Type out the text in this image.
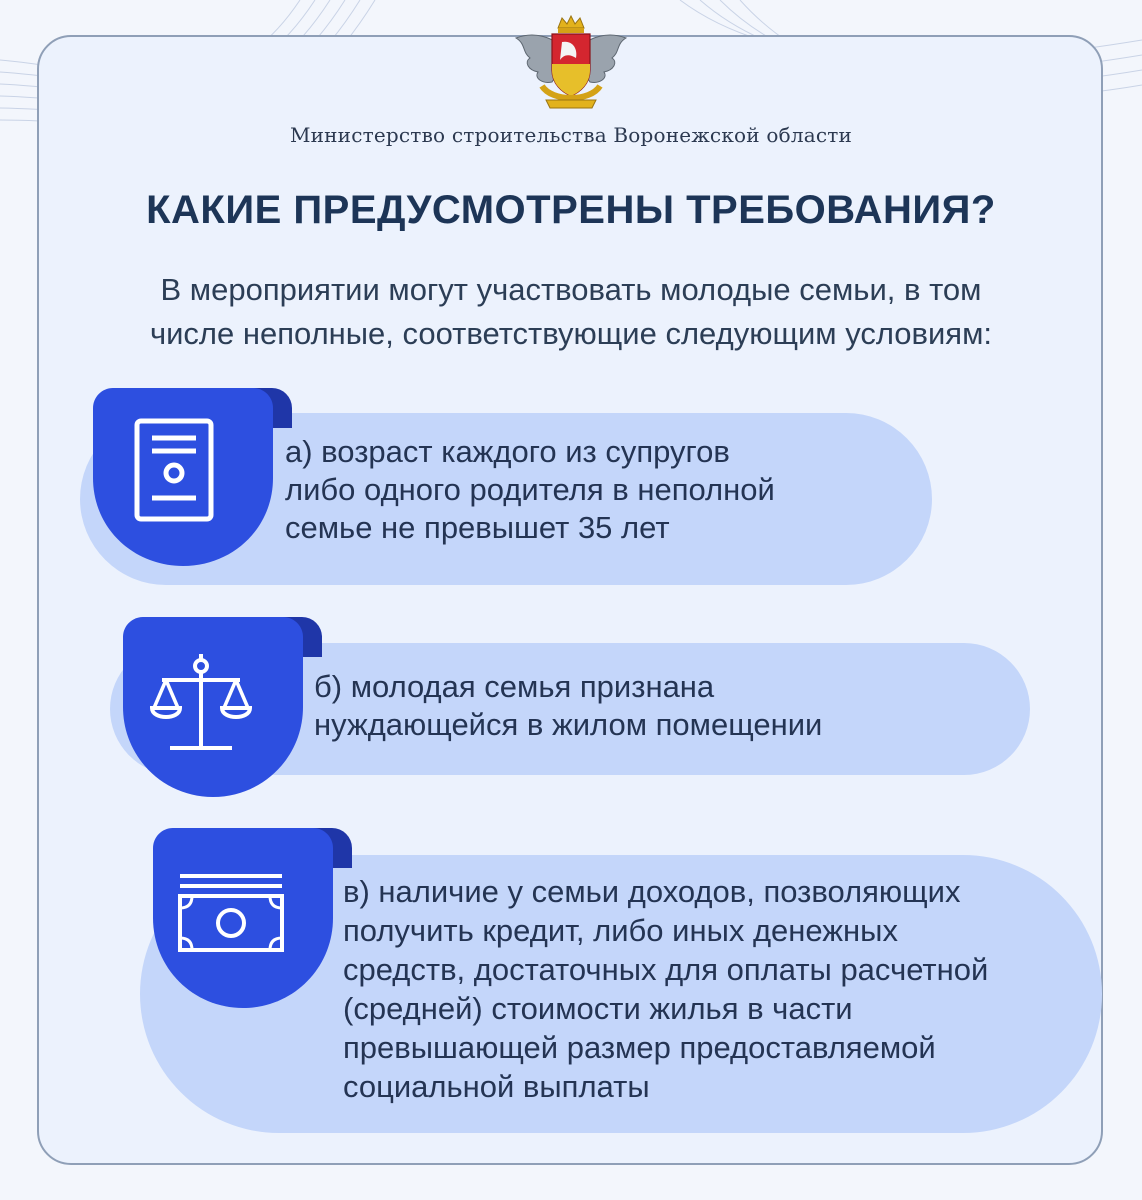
Министерство строительства Воронежской области
КАКИЕ ПРЕДУСМОТРЕНЫ ТРЕБОВАНИЯ?
В мероприятии могут участвовать молодые семьи, в том
числе неполные, соответствующие следующим условиям:
а) возраст каждого из супругов
либо одного родителя в неполной
семье не превышет 35 лет
б) молодая семья признана
нуждающейся в жилом помещении
в) наличие у семьи доходов, позволяющих
получить кредит, либо иных денежных
средств, достаточных для оплаты расчетной
(средней) стоимости жилья в части
превышающей размер предоставляемой
социальной выплаты
